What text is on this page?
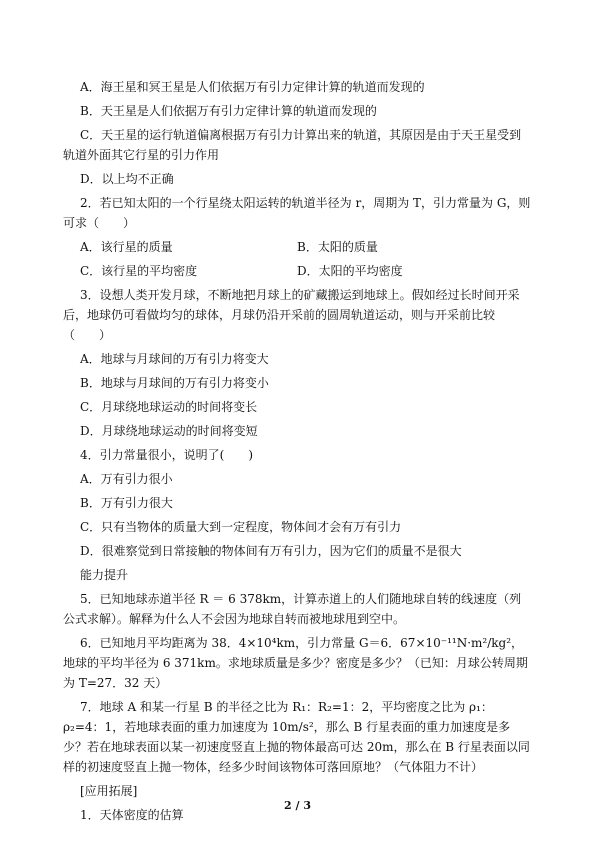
A．海王星和冥王星是人们依据万有引力定律计算的轨道而发现的

B．天王星是人们依据万有引力定律计算的轨道而发现的

C．天王星的运行轨道偏离根据万有引力计算出来的轨道，其原因是由于天王星受到轨道外面其它行星的引力作用

D．以上均不正确

2．若已知太阳的一个行星绕太阳运转的轨道半径为 r，周期为 T，引力常量为 G，则可求（　　）

A．该行星的质量	B．太阳的质量
C．该行星的平均密度	D．太阳的平均密度

3．设想人类开发月球，不断地把月球上的矿藏搬运到地球上。假如经过长时间开采后，地球仍可看做均匀的球体，月球仍沿开采前的圆周轨道运动，则与开采前比较（　　）

A．地球与月球间的万有引力将变大

B．地球与月球间的万有引力将变小

C．月球绕地球运动的时间将变长

D．月球绕地球运动的时间将变短

4．引力常量很小，说明了(　　)

A．万有引力很小

B．万有引力很大

C．只有当物体的质量大到一定程度，物体间才会有万有引力

D．很难察觉到日常接触的物体间有万有引力，因为它们的质量不是很大

能力提升

5．已知地球赤道半径 R ＝ 6 378km，计算赤道上的人们随地球自转的线速度（列公式求解）。解释为什么人不会因为地球自转而被地球甩到空中。

6．已知地月平均距离为 38．4×10⁴km，引力常量 G＝6．67×10⁻¹¹N·m²/kg²，地球的平均半径为 6 371km。求地球质量是多少？密度是多少？（已知：月球公转周期为 T=27．32 天）

7．地球 A 和某一行星 B 的半径之比为 R₁：R₂=1：2，平均密度之比为 ρ₁：ρ₂=4：1，若地球表面的重力加速度为 10m/s²，那么 B 行星表面的重力加速度是多少？若在地球表面以某一初速度竖直上抛的物体最高可达 20m，那么在 B 行星表面以同样的初速度竖直上抛一物体，经多少时间该物体可落回原地？（气体阻力不计）

[应用拓展]

1．天体密度的估算

2 / 3
